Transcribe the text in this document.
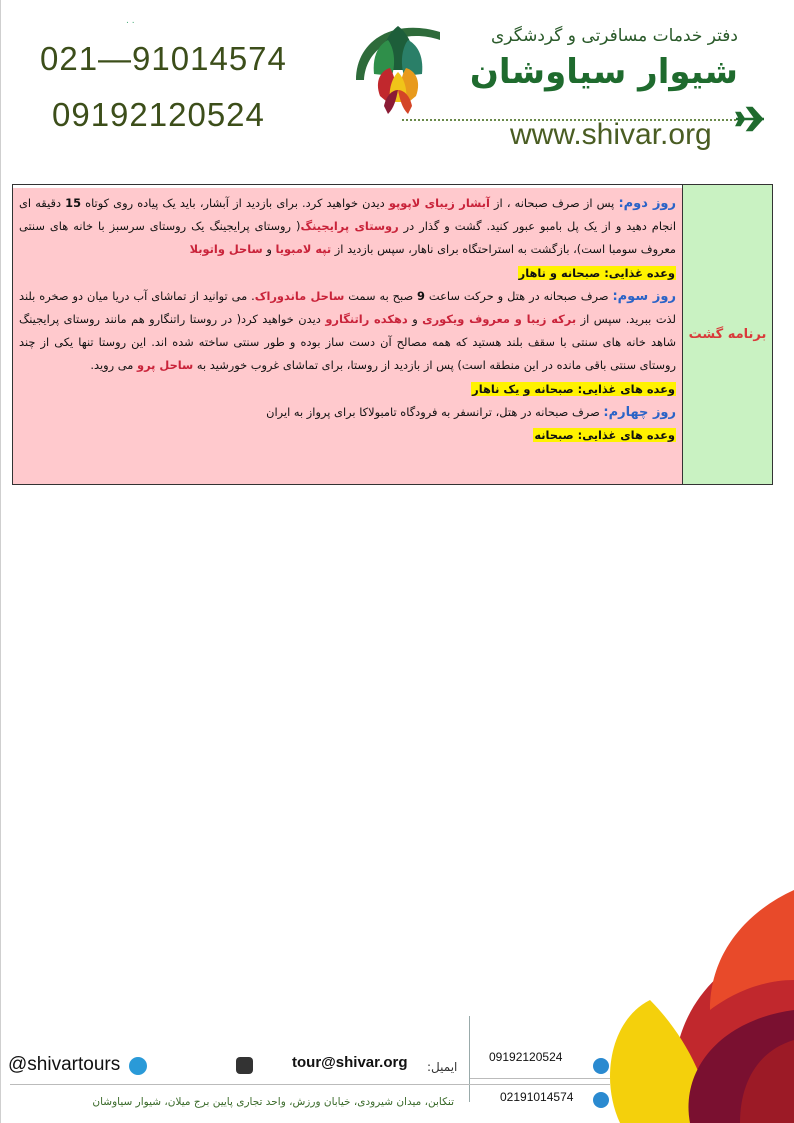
. .
021—91014574
09192120524
دفتر خدمات مسافرتی و گردشگری
شیوار سیاوشان
www.shivar.org
برنامه گشت
روز دوم: پس از صرف صبحانه ، از آبشار زیبای لاپوپو دیدن خواهید کرد. برای بازدید از آبشار، باید یک پیاده روی کوتاه 15 دقیقه ای انجام دهید و از یک پل بامبو عبور کنید. گشت و گذار در روستای پرایجینگ( روستای پرایجینگ یک روستای سرسبز با خانه های سنتی معروف سومبا است)، بازگشت به استراحتگاه برای ناهار، سپس بازدید از تپه لامبویا و ساحل واتوبلا
وعده غذایی: صبحانه و ناهار
روز سوم: صرف صبحانه در هتل و حرکت ساعت 9 صبح به سمت ساحل ماندوراک. می توانید از تماشای آب دریا میان دو صخره بلند لذت ببرید. سپس از برکه زیبا و معروف ویکوری و دهکده راتنگارو دیدن خواهید کرد( در روستا راتنگارو هم مانند روستای پرایجینگ شاهد خانه های سنتی با سقف بلند هستید که همه مصالح آن دست ساز بوده و طور سنتی ساخته شده اند. این روستا تنها یکی از چند روستای سنتی باقی مانده در این منطقه است) پس از بازدید از روستا، برای تماشای غروب خورشید به ساحل پرو می روید.
وعده های غذایی: صبحانه و یک ناهار
روز چهارم: صرف صبحانه در هتل، ترانسفر به فرودگاه تامبولاکا برای پرواز به ایران
وعده های غذایی: صبحانه
@shivartours	tour@shivar.org ایمیل:
09192120524
02191014574
تنکابن، میدان شیرودی، خیابان ورزش، واحد تجاری پایین برج میلان، شیوار سیاوشان
